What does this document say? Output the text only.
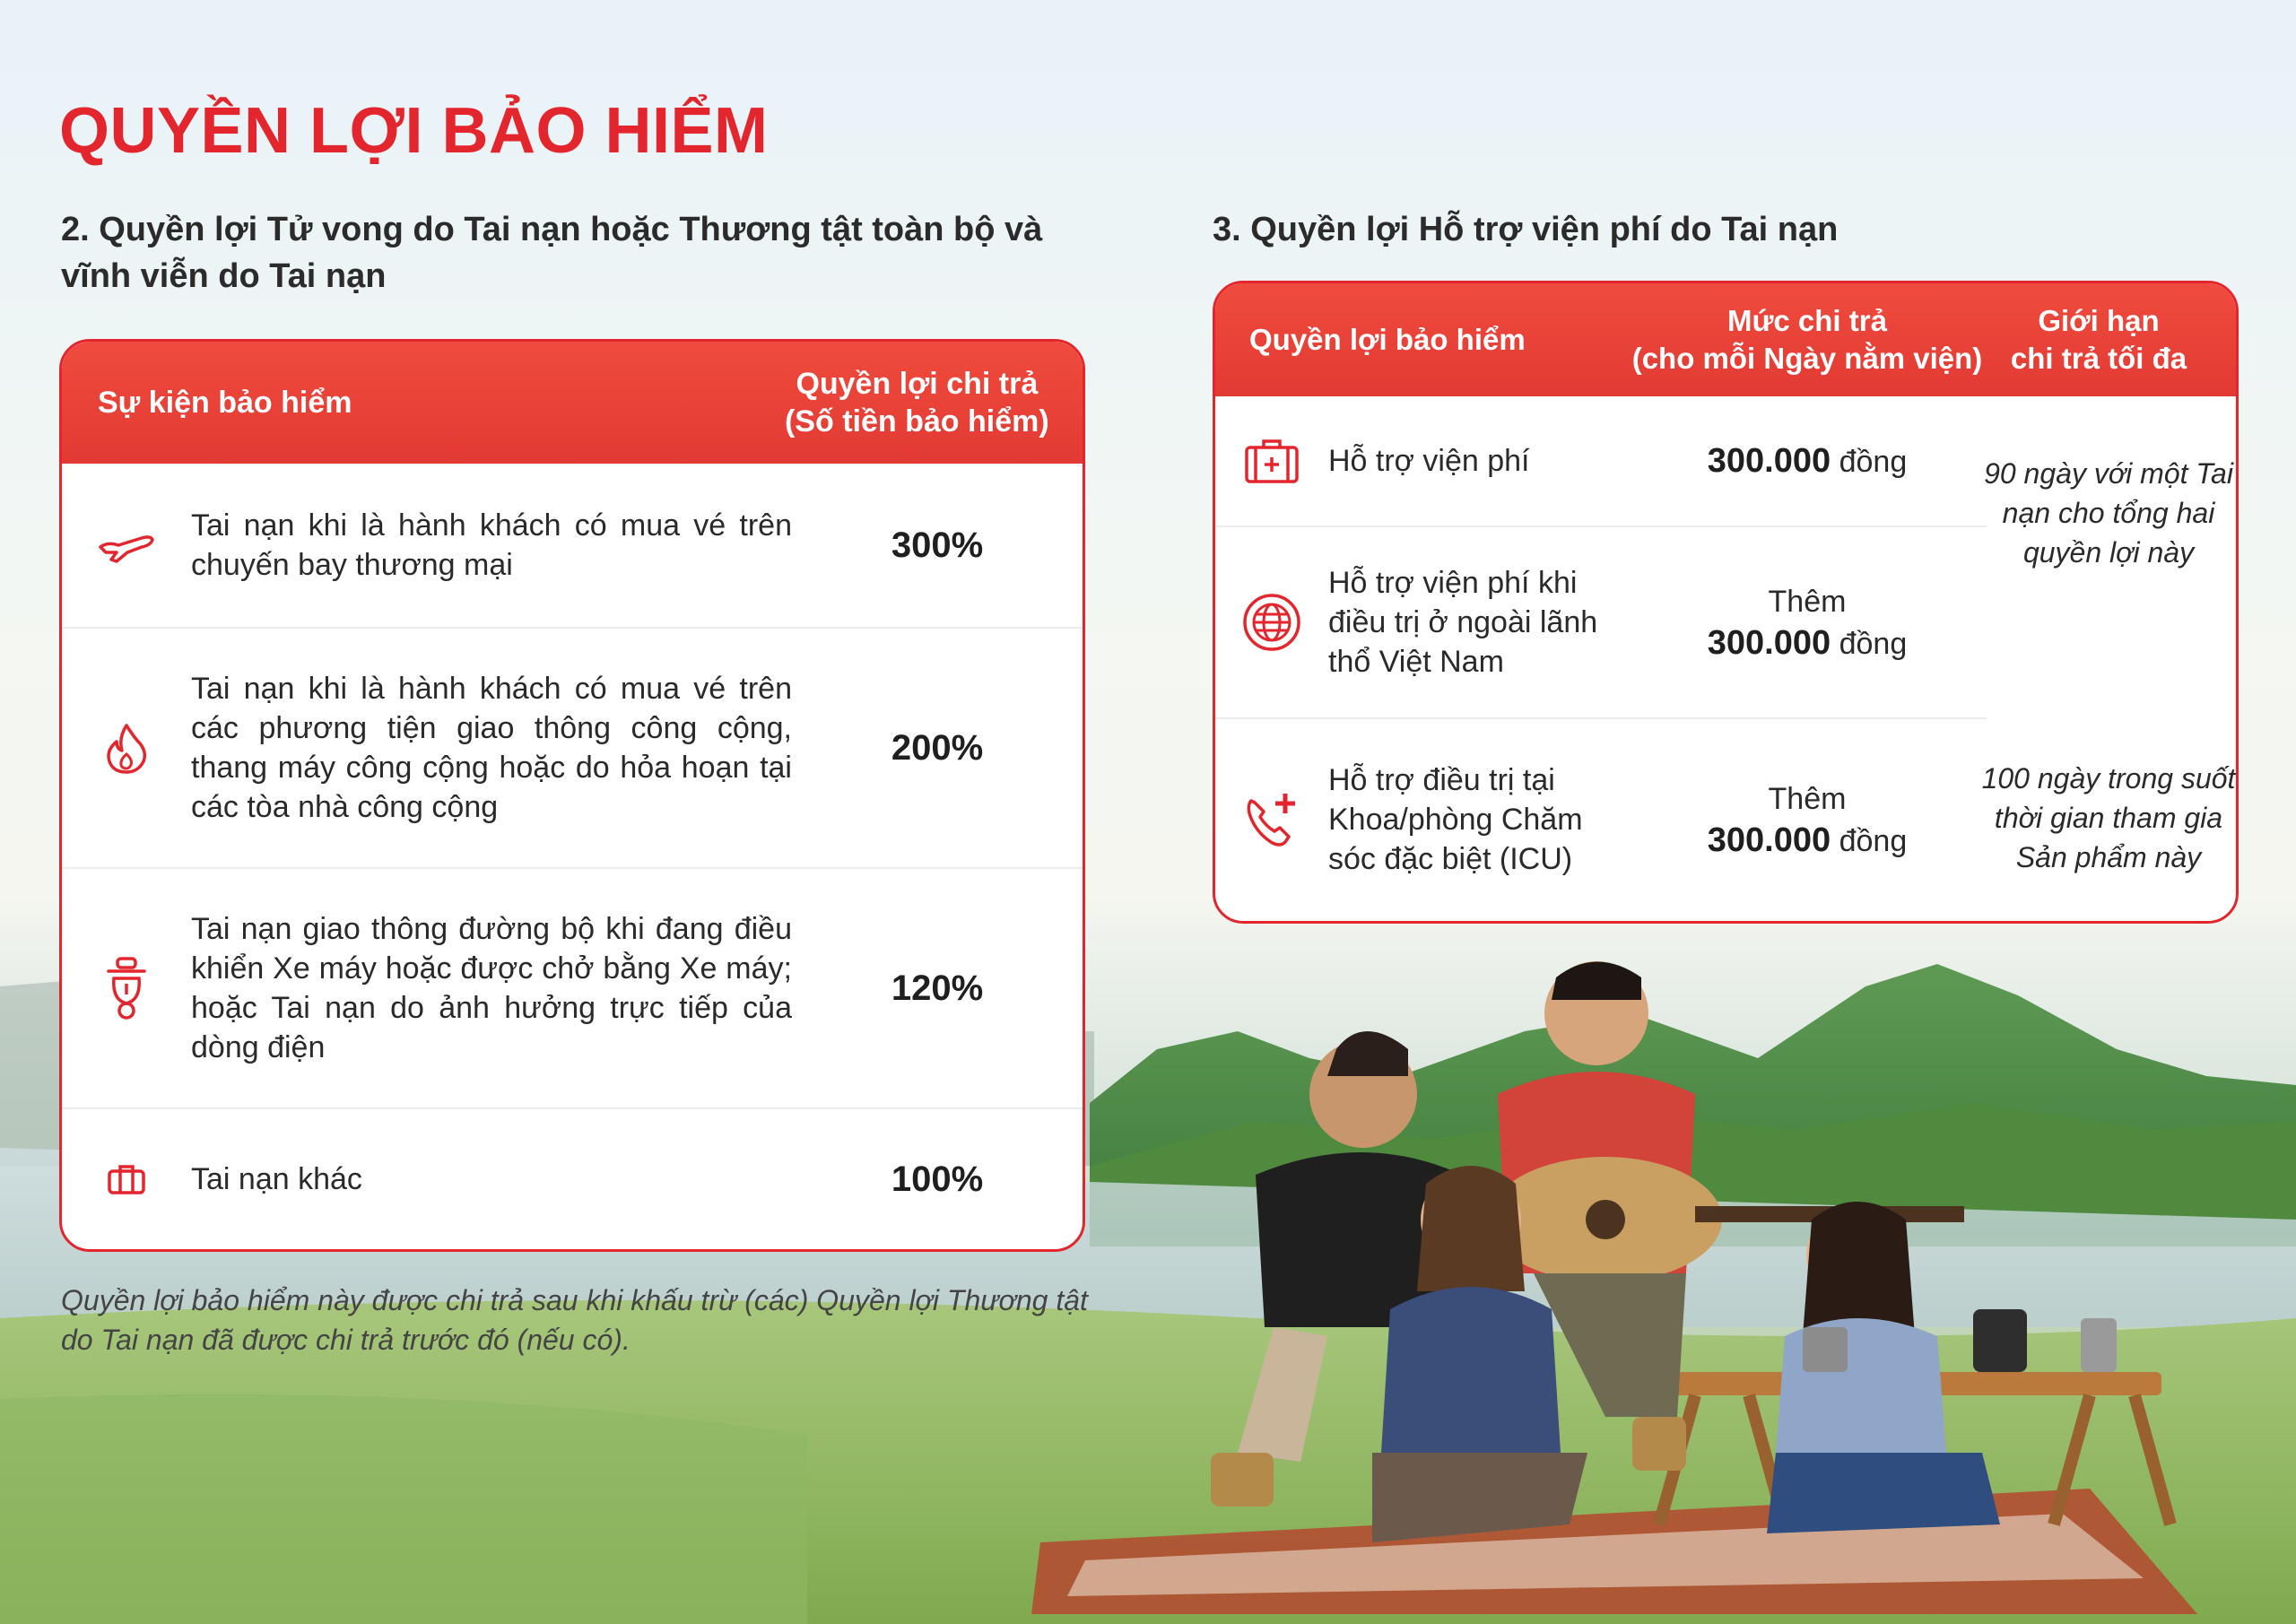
QUYỀN LỢI BẢO HIỂM
2. Quyền lợi Tử vong do Tai nạn hoặc Thương tật toàn bộ và vĩnh viễn do Tai nạn
Sự kiện bảo hiểm
Quyền lợi chi trả
(Số tiền bảo hiểm)
Tai nạn khi là hành khách có mua vé trên chuyến bay thương mại
300%
Tai nạn khi là hành khách có mua vé trên các phương tiện giao thông công cộng, thang máy công cộng hoặc do hỏa hoạn tại các tòa nhà công cộng
200%
Tai nạn giao thông đường bộ khi đang điều khiển Xe máy hoặc được chở bằng Xe máy; hoặc Tai nạn do ảnh hưởng trực tiếp của dòng điện
120%
Tai nạn khác	100%
Quyền lợi bảo hiểm này được chi trả sau khi khấu trừ (các) Quyền lợi Thương tật do Tai nạn đã được chi trả trước đó (nếu có).
3. Quyền lợi Hỗ trợ viện phí do Tai nạn
Quyền lợi bảo hiểm
Mức chi trả
(cho mỗi Ngày nằm viện)
Giới hạn
chi trả tối đa
Hỗ trợ viện phí	300.000 đồng
Hỗ trợ viện phí khi điều trị ở ngoài lãnh thổ Việt Nam
Thêm
300.000 đồng
Hỗ trợ điều trị tại Khoa/phòng Chăm sóc đặc biệt (ICU)
Thêm
300.000 đồng
90 ngày với một Tai nạn cho tổng hai quyền lợi này
100 ngày trong suốt thời gian tham gia Sản phẩm này
